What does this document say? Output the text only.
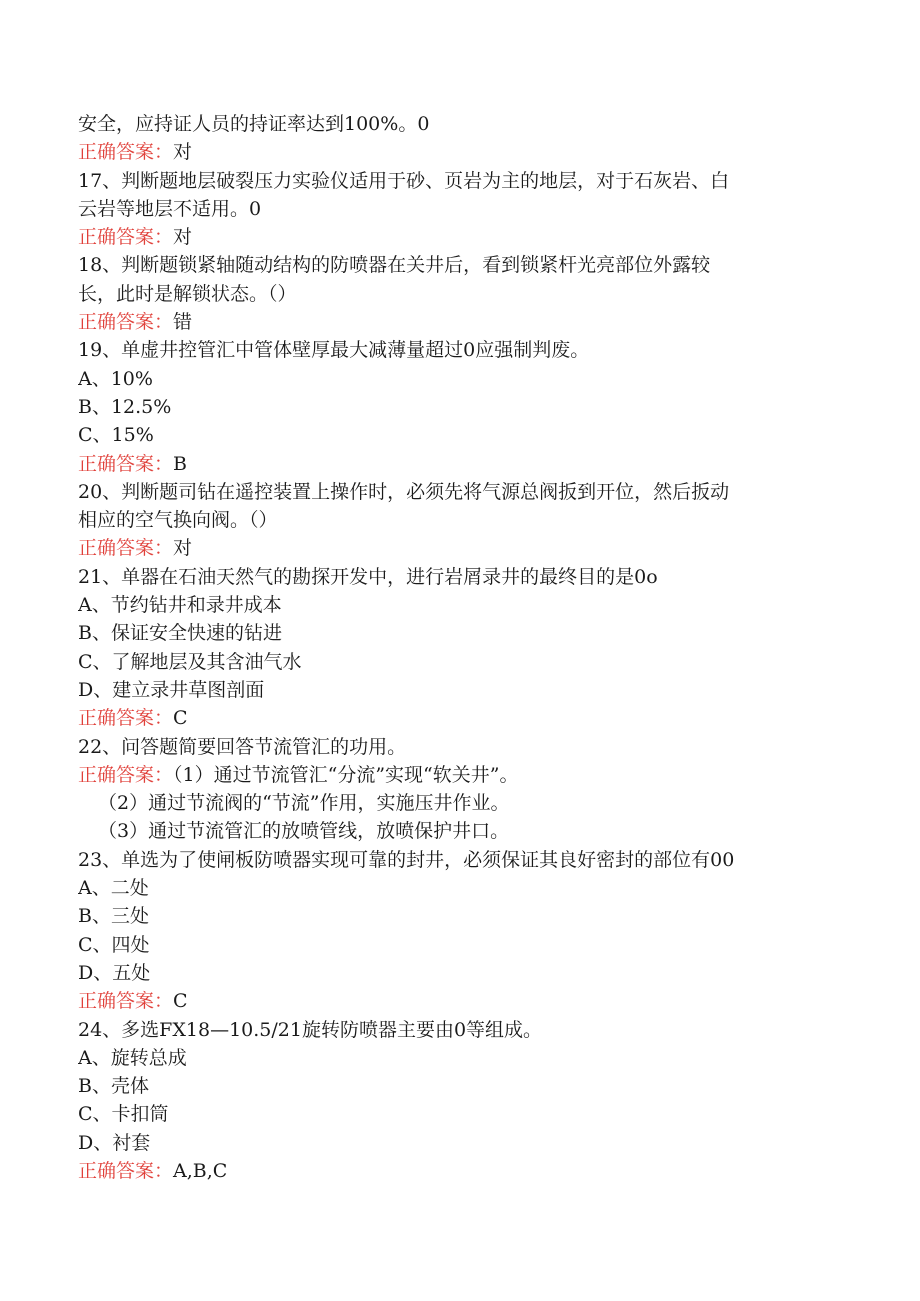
安全，应持证人员的持证率达到100%。0
正确答案：对
17、判断题地层破裂压力实验仪适用于砂、页岩为主的地层，对于石灰岩、白
云岩等地层不适用。0
正确答案：对
18、判断题锁紧轴随动结构的防喷器在关井后，看到锁紧杆光亮部位外露较
长，此时是解锁状态。（）
正确答案：错
19、单虚井控管汇中管体壁厚最大减薄量超过0应强制判废。
A、10%
B、12.5%
C、15%
正确答案：B
20、判断题司钻在遥控装置上操作时，必须先将气源总阀扳到开位，然后扳动
相应的空气换向阀。（）
正确答案：对
21、单器在石油天然气的勘探开发中，进行岩屑录井的最终目的是0o
A、节约钻井和录井成本
B、保证安全快速的钻进
C、了解地层及其含油气水
D、建立录井草图剖面
正确答案：C
22、问答题简要回答节流管汇的功用。
正确答案：（1）通过节流管汇“分流”实现“软关井”。
（2）通过节流阀的“节流”作用，实施压井作业。
（3）通过节流管汇的放喷管线，放喷保护井口。
23、单选为了使闸板防喷器实现可靠的封井，必须保证其良好密封的部位有00
A、二处
B、三处
C、四处
D、五处
正确答案：C
24、多选FX18—10.5/21旋转防喷器主要由0等组成。
A、旋转总成
B、壳体
C、卡扣筒
D、衬套
正确答案：A,B,C
